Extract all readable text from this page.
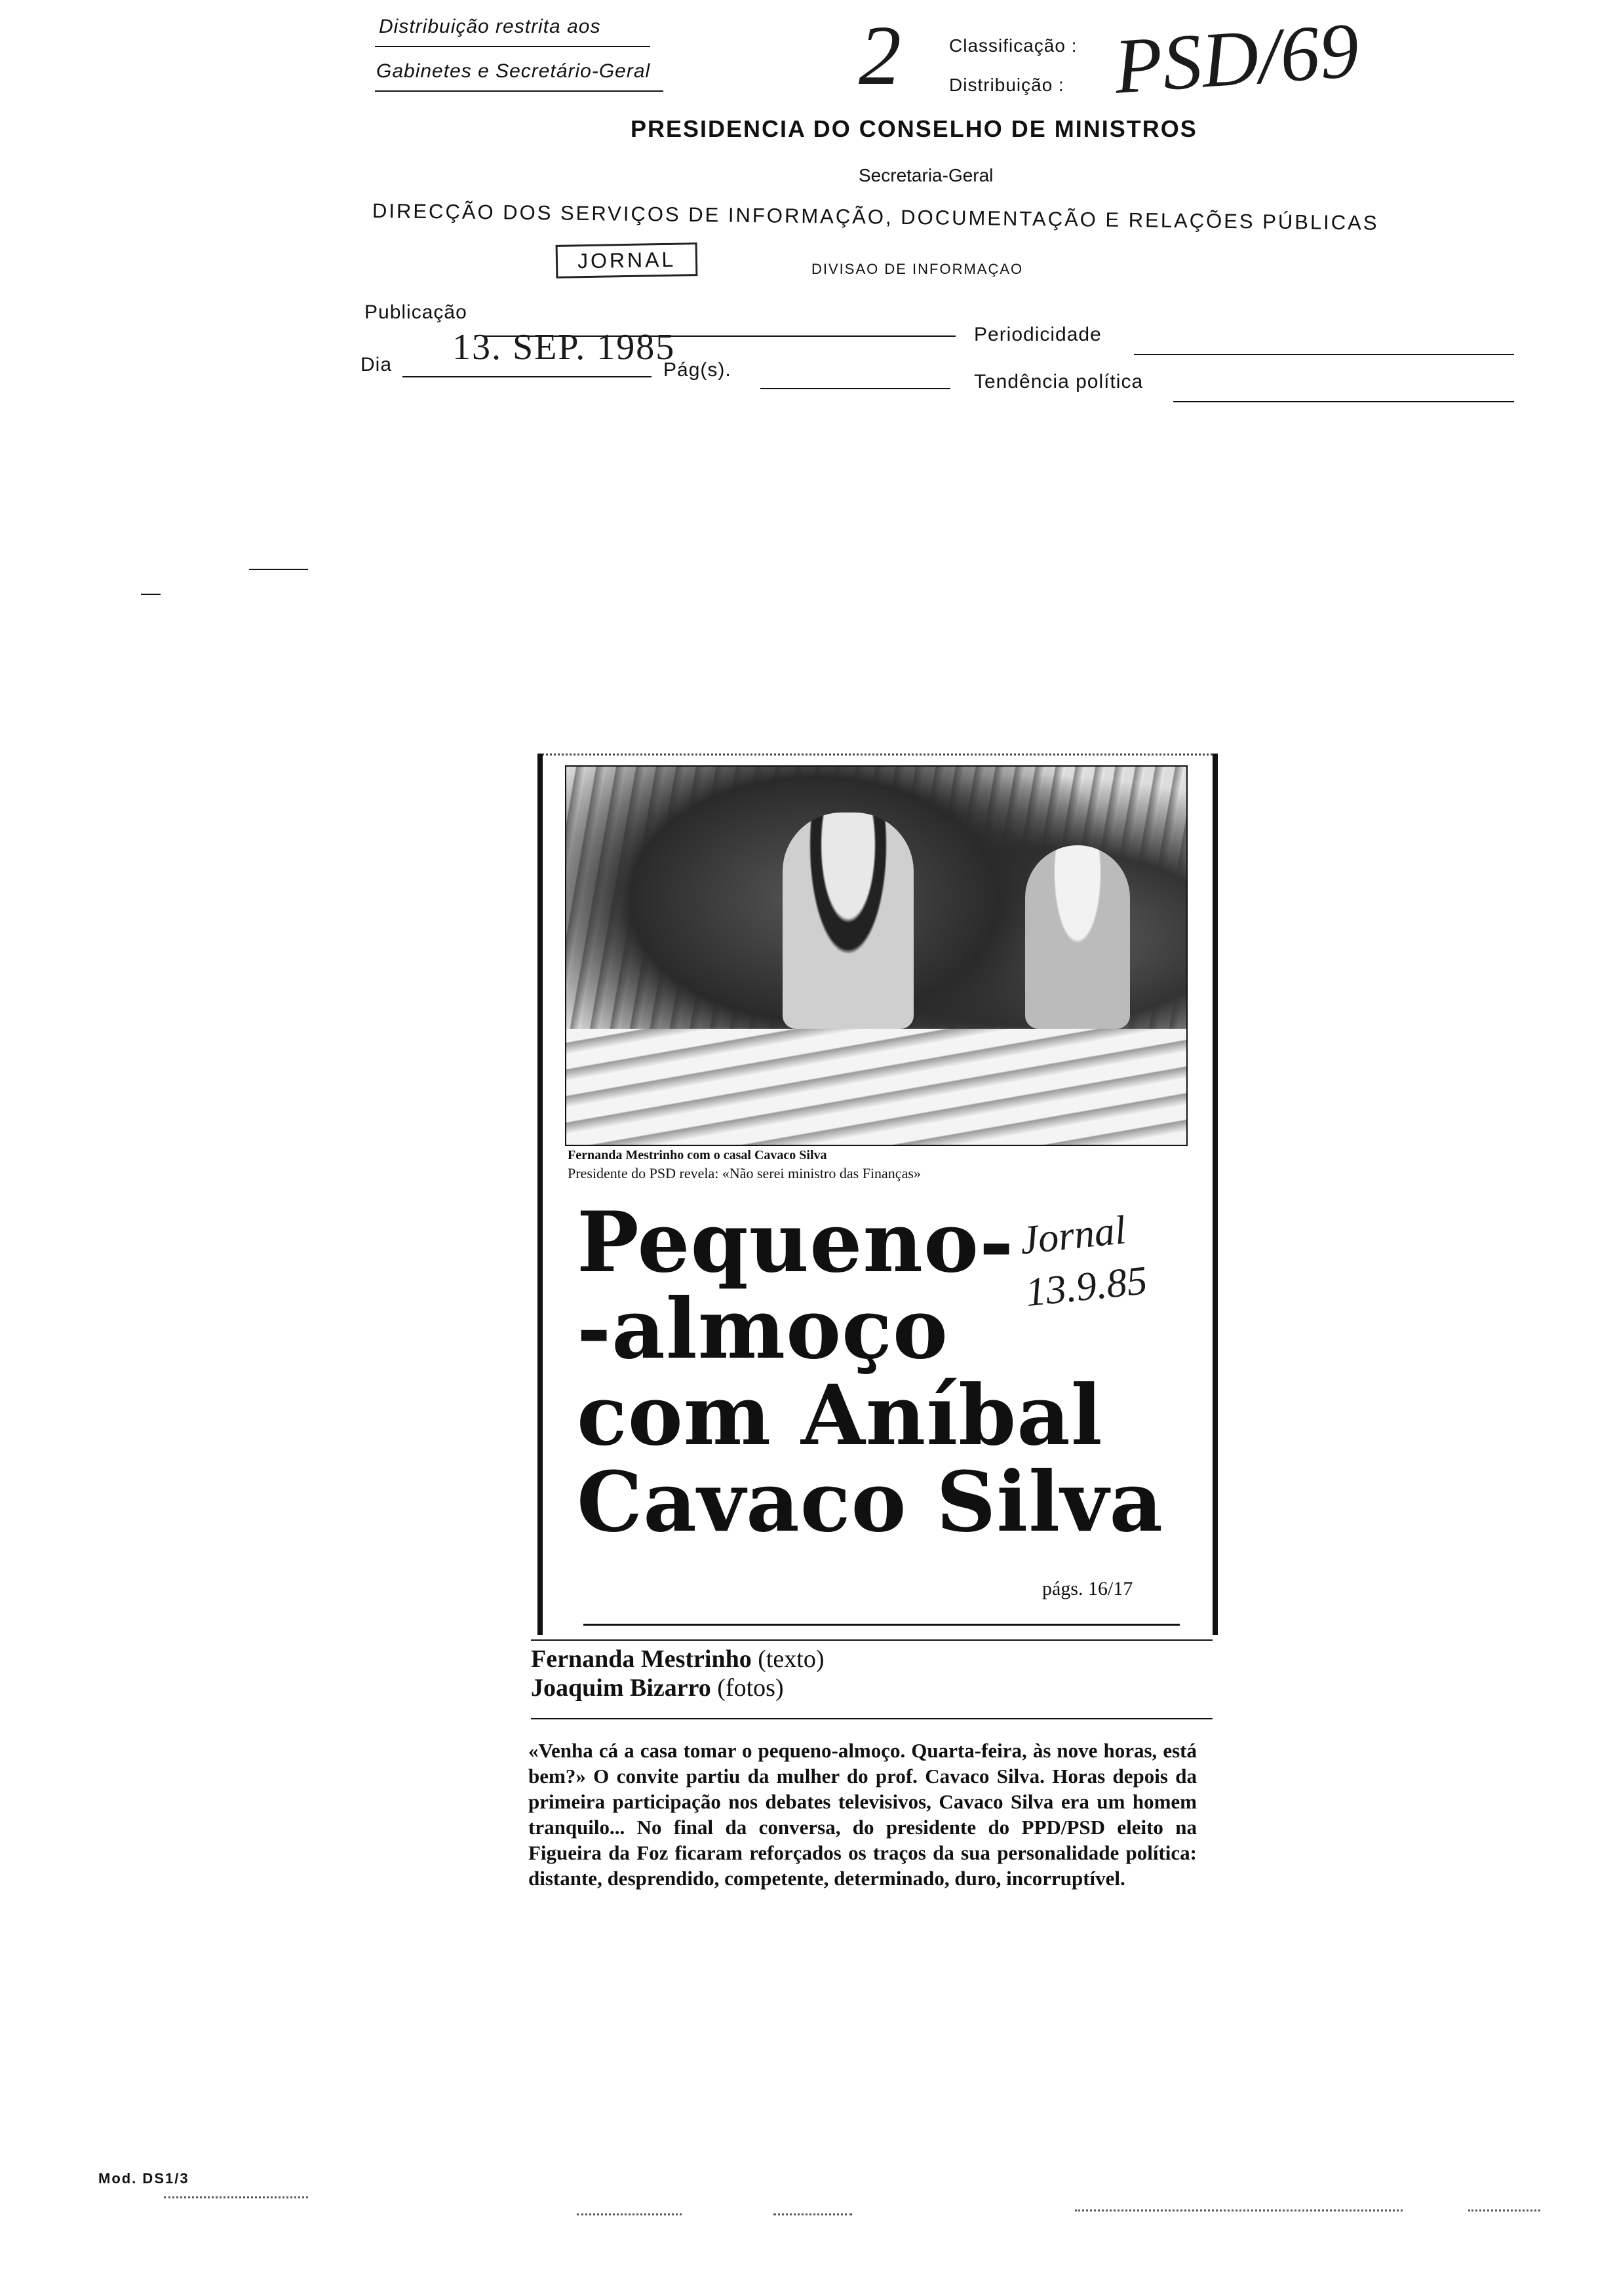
Distribuição restrita aos
Gabinetes e Secretário-Geral 2	Classificação :
Distribuição : PSD/69
PRESIDENCIA DO CONSELHO DE MINISTROS
Secretaria-Geral
DIRECÇÃO DOS SERVIÇOS DE INFORMAÇÃO, DOCUMENTAÇÃO E RELAÇÕES PÚBLICAS
JORNAL	DIVISAO DE INFORMAÇAO
Publicação
Periodicidade
Dia 13. SEP. 1985
Pág(s).
Tendência política
Fernanda Mestrinho com o casal Cavaco Silva
Presidente do PSD revela: «Não serei ministro das Finanças»
Pequeno-
-almoço
com Aníbal
Cavaco Silva
Jornal 13.9.85
págs. 16/17
Fernanda Mestrinho (texto)
Joaquim Bizarro (fotos)
«Venha cá a casa tomar o pequeno-almoço. Quarta-feira, às nove horas, está bem?» O convite partiu da mulher do prof. Cavaco Silva. Horas depois da primeira participação nos debates televisivos, Cavaco Silva era um homem tranquilo... No final da conversa, do presidente do PPD/PSD eleito na Figueira da Foz ficaram reforçados os traços da sua personalidade política: distante, desprendido, competente, determinado, duro, incorruptível.
Mod. DS1/3
